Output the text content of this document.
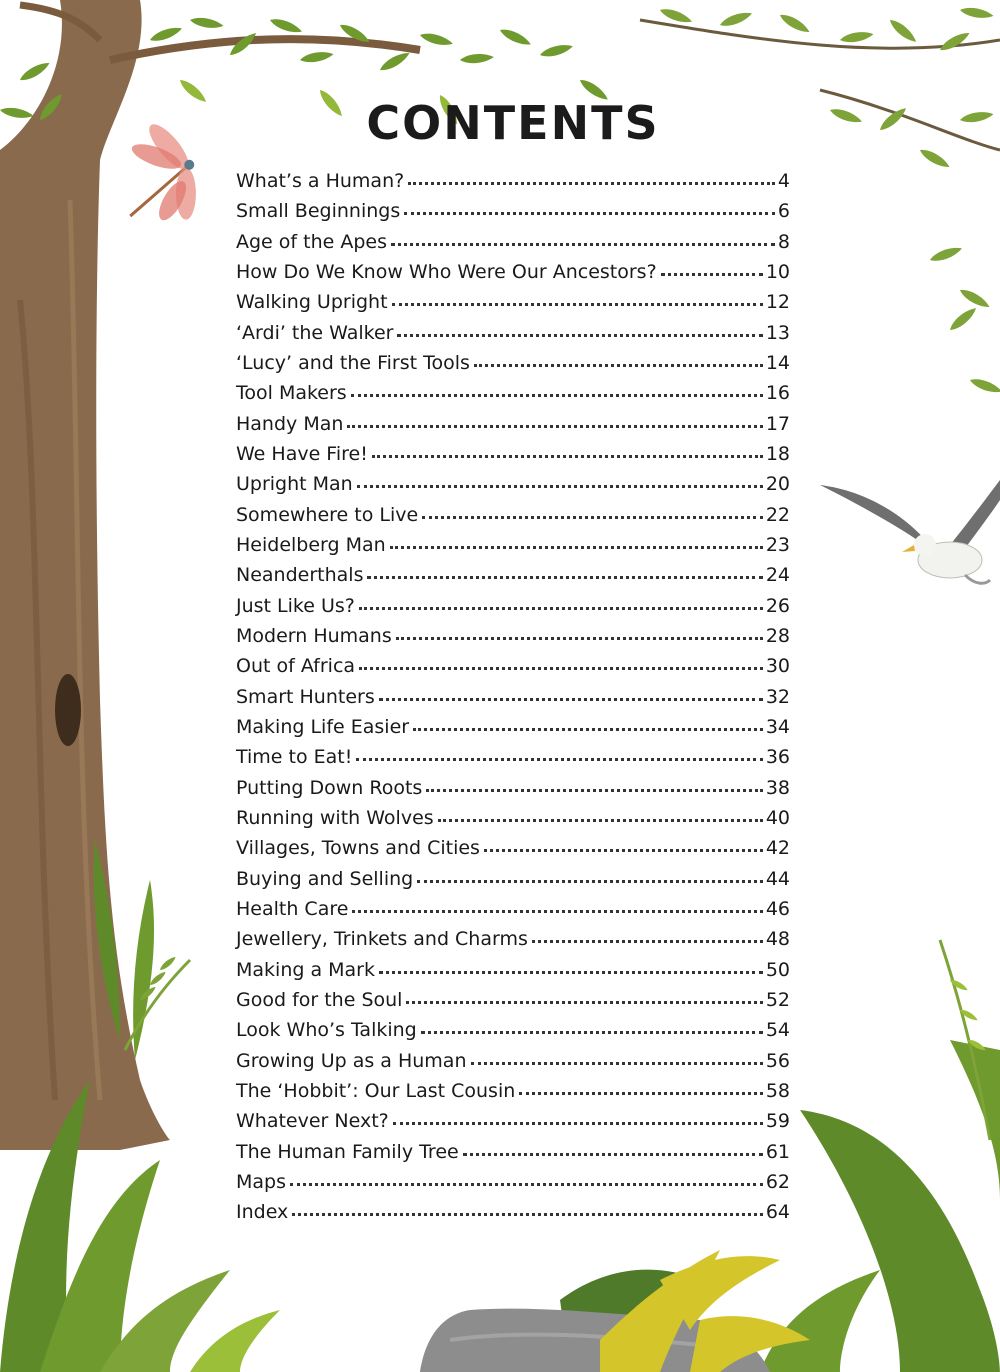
CONTENTS
What’s a Human?	4
Small Beginnings	6
Age of the Apes	8
How Do We Know Who Were Our Ancestors?	10
Walking Upright	12
‘Ardi’ the Walker	13
‘Lucy’ and the First Tools	14
Tool Makers	16
Handy Man	17
We Have Fire!	18
Upright Man	20
Somewhere to Live	22
Heidelberg Man	23
Neanderthals	24
Just Like Us?	26
Modern Humans	28
Out of Africa	30
Smart Hunters	32
Making Life Easier	34
Time to Eat!	36
Putting Down Roots	38
Running with Wolves	40
Villages, Towns and Cities	42
Buying and Selling	44
Health Care	46
Jewellery, Trinkets and Charms	48
Making a Mark	50
Good for the Soul	52
Look Who’s Talking	54
Growing Up as a Human	56
The ‘Hobbit’: Our Last Cousin	58
Whatever Next?	59
The Human Family Tree	61
Maps	62
Index	64
